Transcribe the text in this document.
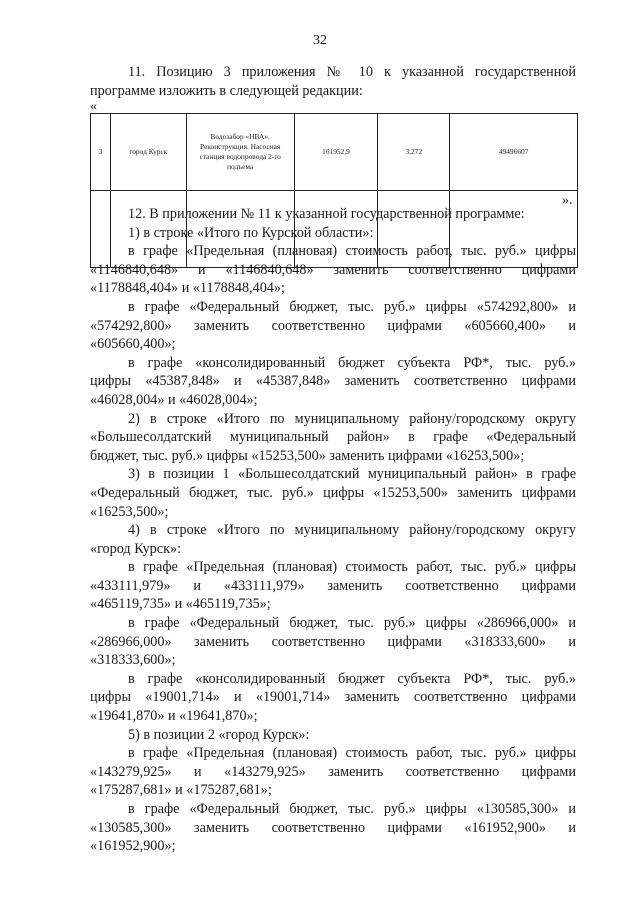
32

11. Позицию 3 приложения № 10 к указанной государственной

программе изложить в следующей редакции:

«
3	город Курск	Водозабор «НВА». Реконструкция. Насосная станция водопровода 2-го подъема	161952,9	3,272	49496607

».

12. В приложении № 11 к указанной государственной программе:

1) в строке «Итого по Курской области»:

в графе «Предельная (плановая) стоимость работ, тыс. руб.» цифры

«1146840,648» и «1146840,648» заменить соответственно цифрами

«1178848,404» и «1178848,404»;

в графе «Федеральный бюджет, тыс. руб.» цифры «574292,800» и

«574292,800» заменить соответственно цифрами «605660,400» и

«605660,400»;

в графе «консолидированный бюджет субъекта РФ*, тыс. руб.»

цифры «45387,848» и «45387,848» заменить соответственно цифрами

«46028,004» и «46028,004»;

2) в строке «Итого по муниципальному району/городскому округу

«Большесолдатский муниципальный район» в графе «Федеральный

бюджет, тыс. руб.» цифры «15253,500» заменить цифрами «16253,500»;

3) в позиции 1 «Большесолдатский муниципальный район» в графе

«Федеральный бюджет, тыс. руб.» цифры «15253,500» заменить цифрами

«16253,500»;

4) в строке «Итого по муниципальному району/городскому округу

«город Курск»:

в графе «Предельная (плановая) стоимость работ, тыс. руб.» цифры

«433111,979» и «433111,979» заменить соответственно цифрами

«465119,735» и «465119,735»;

в графе «Федеральный бюджет, тыс. руб.» цифры «286966,000» и

«286966,000» заменить соответственно цифрами «318333,600» и

«318333,600»;

в графе «консолидированный бюджет субъекта РФ*, тыс. руб.»

цифры «19001,714» и «19001,714» заменить соответственно цифрами

«19641,870» и «19641,870»;

5) в позиции 2 «город Курск»:

в графе «Предельная (плановая) стоимость работ, тыс. руб.» цифры

«143279,925» и «143279,925» заменить соответственно цифрами

«175287,681» и «175287,681»;

в графе «Федеральный бюджет, тыс. руб.» цифры «130585,300» и

«130585,300» заменить соответственно цифрами «161952,900» и

«161952,900»;
